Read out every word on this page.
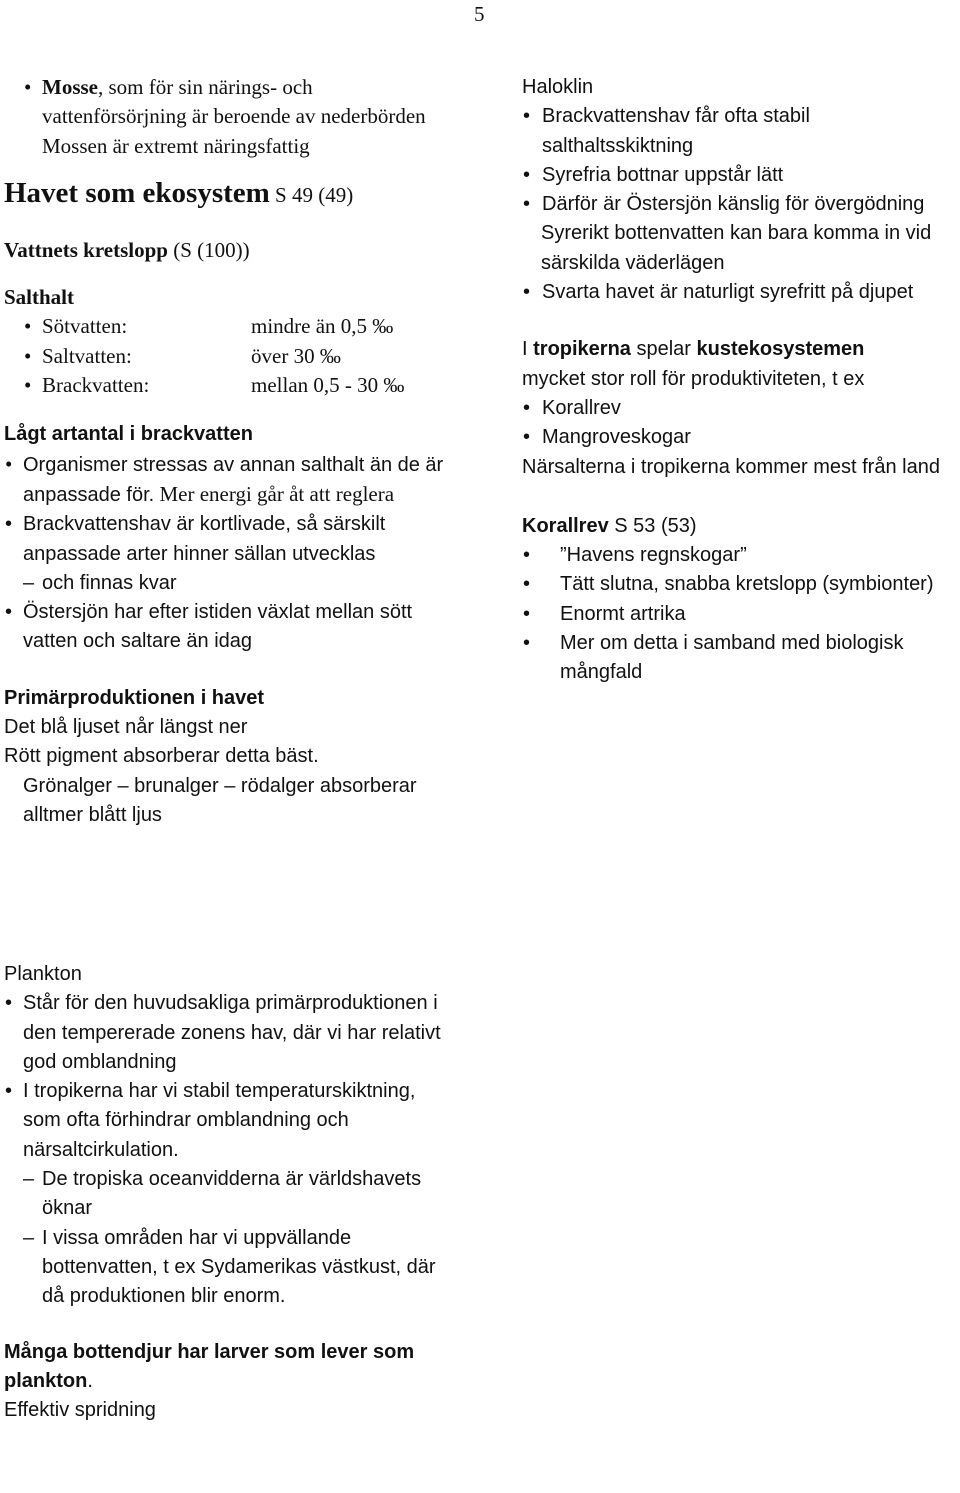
5
• Mosse, som för sin närings- och vattenförsörjning är beroende av nederbörden
Mossen är extremt näringsfattig
Havet som ekosystem S 49 (49)
Vattnets kretslopp (S (100))
Salthalt
• Sötvatten:	mindre än 0,5 ‰
• Saltvatten:	över 30 ‰
• Brackvatten:	mellan 0,5 - 30 ‰
Lågt artantal i brackvatten
• Organismer stressas av annan salthalt än de är anpassade för. Mer energi går åt att reglera
• Brackvattenshav är kortlivade, så särskilt anpassade arter hinner sällan utvecklas
– och finnas kvar
• Östersjön har efter istiden växlat mellan sött vatten och saltare än idag
Primärproduktionen i havet
Det blå ljuset når längst ner
Rött pigment absorberar detta bäst.
Grönalger – brunalger – rödalger absorberar alltmer blått ljus
Plankton
• Står för den huvudsakliga primärproduktionen i den tempererade zonens hav, där vi har relativt god omblandning
• I tropikerna har vi stabil temperaturskiktning, som ofta förhindrar omblandning och närsaltcirkulation.
– De tropiska oceanvidderna är världshavets öknar
– I vissa områden har vi uppvällande bottenvatten, t ex Sydamerikas västkust, där då produktionen blir enorm.
Många bottendjur har larver som lever som plankton.
Effektiv spridning
Haloklin
• Brackvattenshav får ofta stabil salthaltsskiktning
• Syrefria bottnar uppstår lätt
• Därför är Östersjön känslig för övergödning
Syrerikt bottenvatten kan bara komma in vid särskilda väderlägen
• Svarta havet är naturligt syrefritt på djupet
I tropikerna spelar kustekosystemen
mycket stor roll för produktiviteten, t ex
• Korallrev
• Mangroveskogar
Närsalterna i tropikerna kommer mest från land
Korallrev S 53 (53)
• ”Havens regnskogar”
• Tätt slutna, snabba kretslopp (symbionter)
• Enormt artrika
• Mer om detta i samband med biologisk mångfald
